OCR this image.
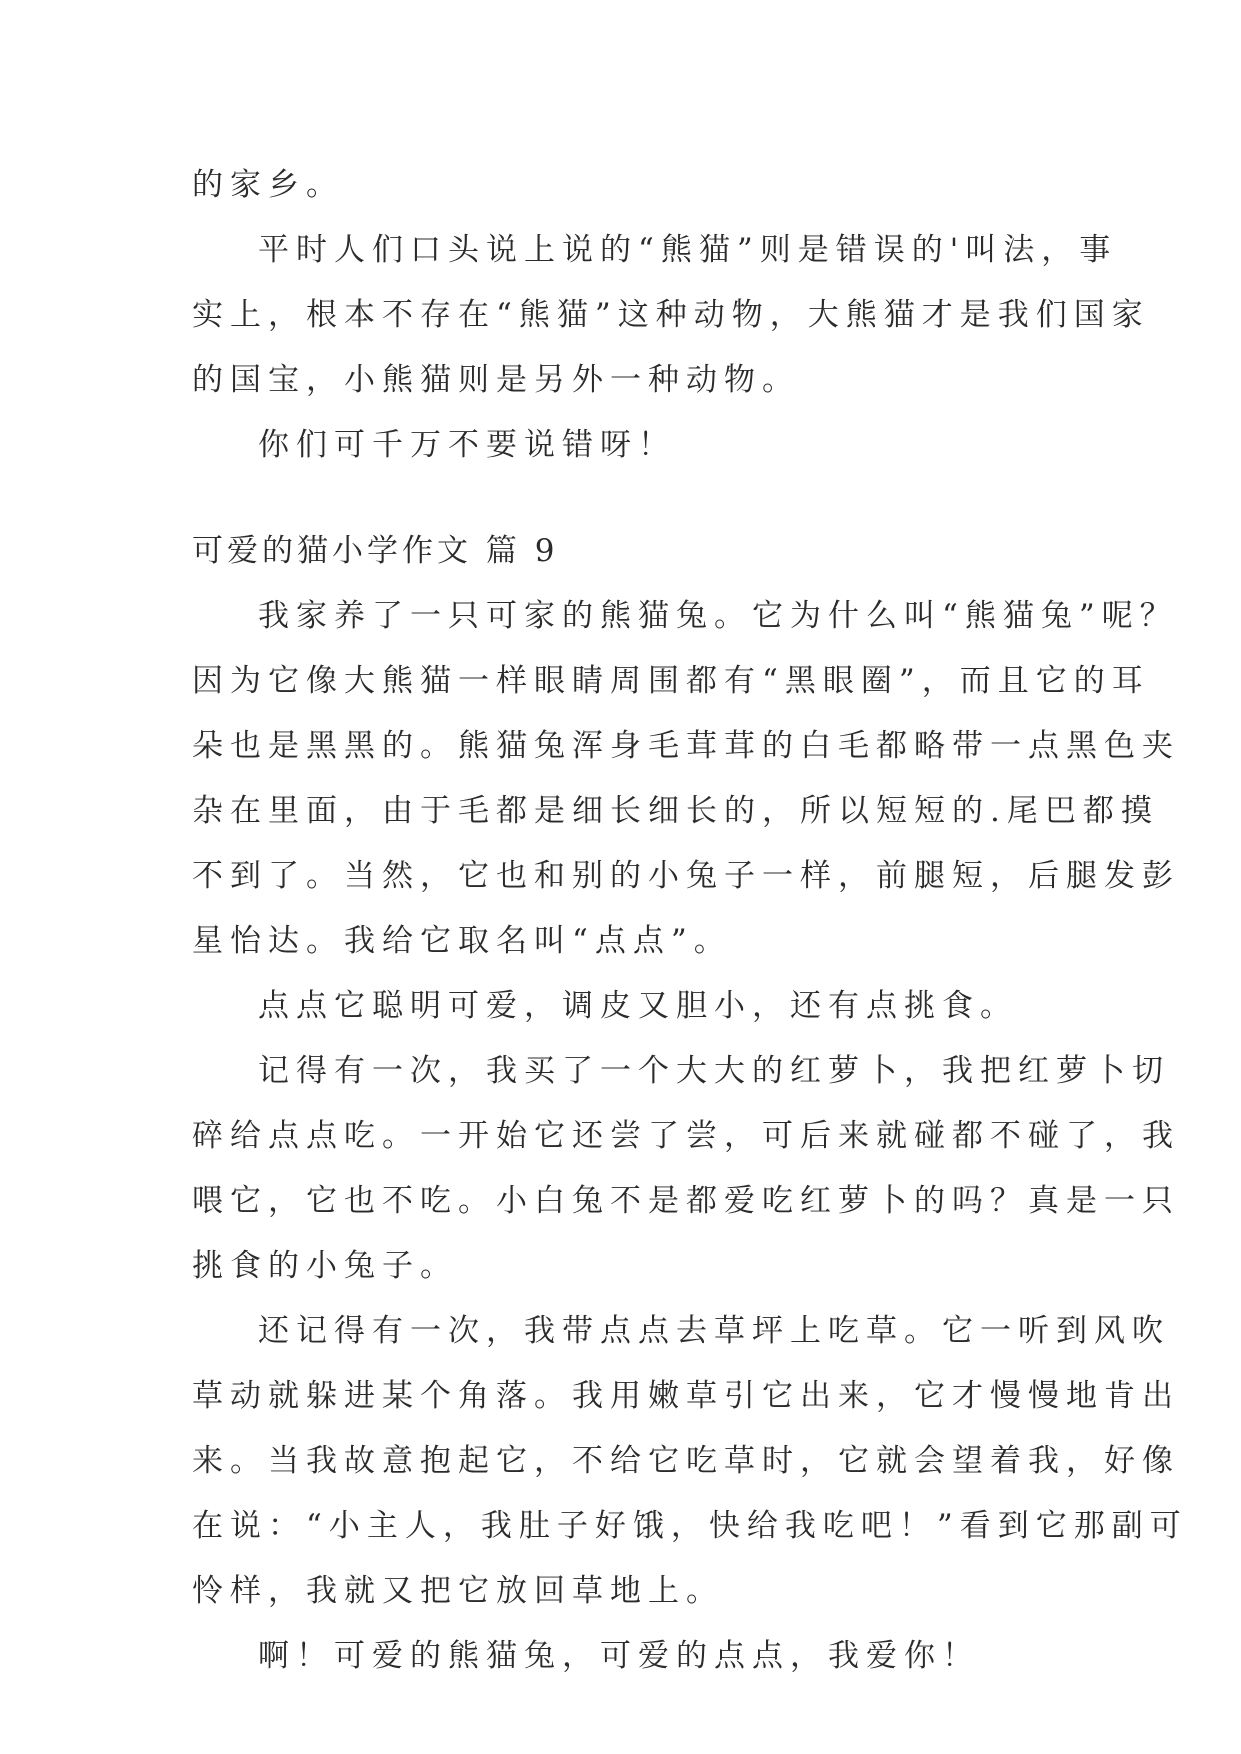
的家乡。

平时人们口头说上说的“熊猫”则是错误的'叫法，事

实上，根本不存在“熊猫”这种动物，大熊猫才是我们国家

的国宝，小熊猫则是另外一种动物。

你们可千万不要说错呀！

可爱的猫小学作文 篇 9

我家养了一只可家的熊猫兔。它为什么叫“熊猫兔”呢？

因为它像大熊猫一样眼睛周围都有“黑眼圈”，而且它的耳

朵也是黑黑的。熊猫兔浑身毛茸茸的白毛都略带一点黑色夹

杂在里面，由于毛都是细长细长的，所以短短的.尾巴都摸

不到了。当然，它也和别的小兔子一样，前腿短，后腿发彭

星怡达。我给它取名叫“点点”。

点点它聪明可爱，调皮又胆小，还有点挑食。

记得有一次，我买了一个大大的红萝卜，我把红萝卜切

碎给点点吃。一开始它还尝了尝，可后来就碰都不碰了，我

喂它，它也不吃。小白兔不是都爱吃红萝卜的吗？真是一只

挑食的小兔子。

还记得有一次，我带点点去草坪上吃草。它一听到风吹

草动就躲进某个角落。我用嫩草引它出来，它才慢慢地肯出

来。当我故意抱起它，不给它吃草时，它就会望着我，好像

在说：“小主人，我肚子好饿，快给我吃吧！”看到它那副可

怜样，我就又把它放回草地上。

啊！可爱的熊猫兔，可爱的点点，我爱你！
